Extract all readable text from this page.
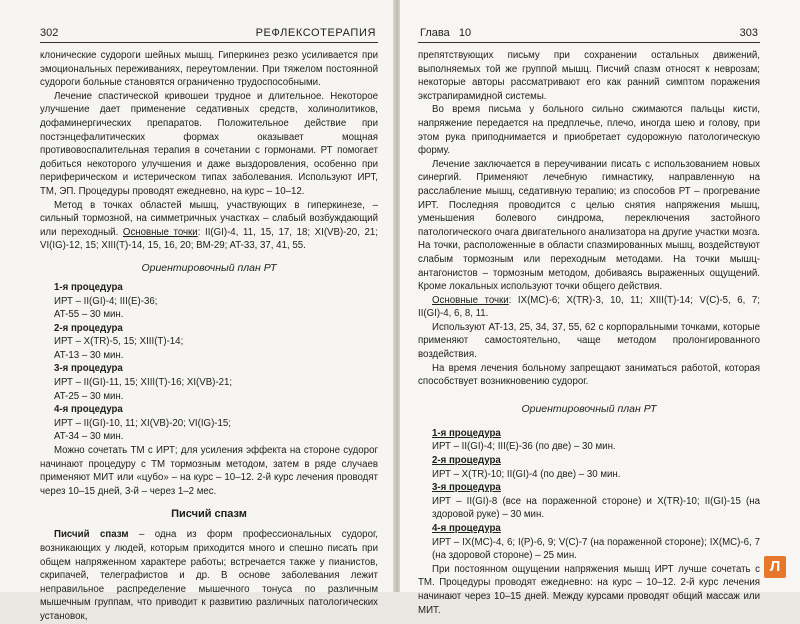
302	РЕФЛЕКСОТЕРАПИЯ

клонические судороги шейных мышц. Гиперкинез резко усиливается при эмоциональных переживаниях, переутомлении. При тяжелом постоянной судороги больные становятся ограниченно трудоспособными.

Лечение спастической кривошеи трудное и длительное. Некоторое улучшение дает применение седативных средств, холинолитиков, дофаминергических препаратов. Положительное действие при постэнцефалитических формах оказывает мощная противовоспалительная терапия в сочетании с гормонами. РТ помогает добиться некоторого улучшения и даже выздоровления, особенно при периферическом и истерическом типах заболевания. Используют ИРТ, ТМ, ЭП. Процедуры проводят ежедневно, на курс – 10–12.

Метод в точках областей мышц, участвующих в гиперкинезе, – сильный тормозной, на симметричных участках – слабый возбуждающий или переходный. Основные точки: II(GI)-4, 11, 15, 17, 18; XI(VB)-20, 21; VI(IG)-12, 15; XIII(T)-14, 15, 16, 20; BM-29; AT-33, 37, 41, 55.

Ориентировочный план РТ

1-я процедура

ИРТ – II(GI)-4; III(E)-36;

AT-55 – 30 мин.

2-я процедура

ИРТ – X(TR)-5, 15; XIII(T)-14;

AT-13 – 30 мин.

3-я процедура

ИРТ – II(GI)-11, 15; XIII(T)-16; XI(VB)-21;

AT-25 – 30 мин.

4-я процедура

ИРТ – II(GI)-10, 11; XI(VB)-20; VI(IG)-15;

AT-34 – 30 мин.

Можно сочетать ТМ с ИРТ; для усиления эффекта на стороне судорог начинают процедуру с ТМ тормозным методом, затем в ряде случаев применяют МИТ или «цубо» – на курс – 10–12. 2-й курс лечения проводят через 10–15 дней, 3-й – через 1–2 мес.

Писчий спазм

Писчий спазм – одна из форм профессиональных судорог, возникающих у людей, которым приходится много и спешно писать при общем напряженном характере работы; встречается также у пианистов, скрипачей, телеграфистов и др. В основе заболевания лежит неправильное распределение мышечного тонуса по различным мышечным группам, что приводит к развитию различных патологических установок,

Глава 10	303

препятствующих письму при сохранении остальных движений, выполняемых той же группой мышц. Писчий спазм относят к неврозам; некоторые авторы рассматривают его как ранний симптом поражения экстрапирамидной системы.

Во время письма у больного сильно сжимаются пальцы кисти, напряжение передается на предплечье, плечо, иногда шею и голову, при этом рука приподнимается и приобретает судорожную патологическую форму.

Лечение заключается в переучивании писать с использованием новых синергий. Применяют лечебную гимнастику, направленную на расслабление мышц, седативную терапию; из способов РТ – прогревание ИРТ. Последняя проводится с целью снятия напряжения мышц, уменьшения болевого синдрома, переключения застойного патологического очага двигательного анализатора на другие участки мозга. На точки, расположенные в области спазмированных мышц, воздействуют слабым тормозным или переходным методами. На точки мышц-антагонистов – тормозным методом, добиваясь выраженных ощущений. Кроме локальных используют точки общего действия.

Основные точки: IX(MC)-6; X(TR)-3, 10, 11; XIII(T)-14; V(C)-5, 6, 7; II(GI)-4, 6, 8, 11.

Используют AT-13, 25, 34, 37, 55, 62 с корпоральными точками, которые применяют самостоятельно, чаще методом пролонгированного воздействия.

На время лечения больному запрещают заниматься работой, которая способствует возникновению судорог.

Ориентировочный план РТ

1-я процедура

ИРТ – II(GI)-4; III(E)-36 (по две) – 30 мин.

2-я процедура

ИРТ – X(TR)-10; II(GI)-4 (по две) – 30 мин.

3-я процедура

ИРТ – II(GI)-8 (все на пораженной стороне) и X(TR)-10; II(GI)-15 (на здоровой руке) – 30 мин.

4-я процедура

ИРТ – IX(MC)-4, 6; I(P)-6, 9; V(C)-7 (на пораженной стороне); IX(MC)-6, 7 (на здоровой стороне) – 25 мин.

При постоянном ощущении напряжения мышц ИРТ лучше сочетать с ТМ. Процедуры проводят ежедневно: на курс – 10–12. 2-й курс лечения начинают через 10–15 дней. Между курсами проводят общий массаж или МИТ.

Л
